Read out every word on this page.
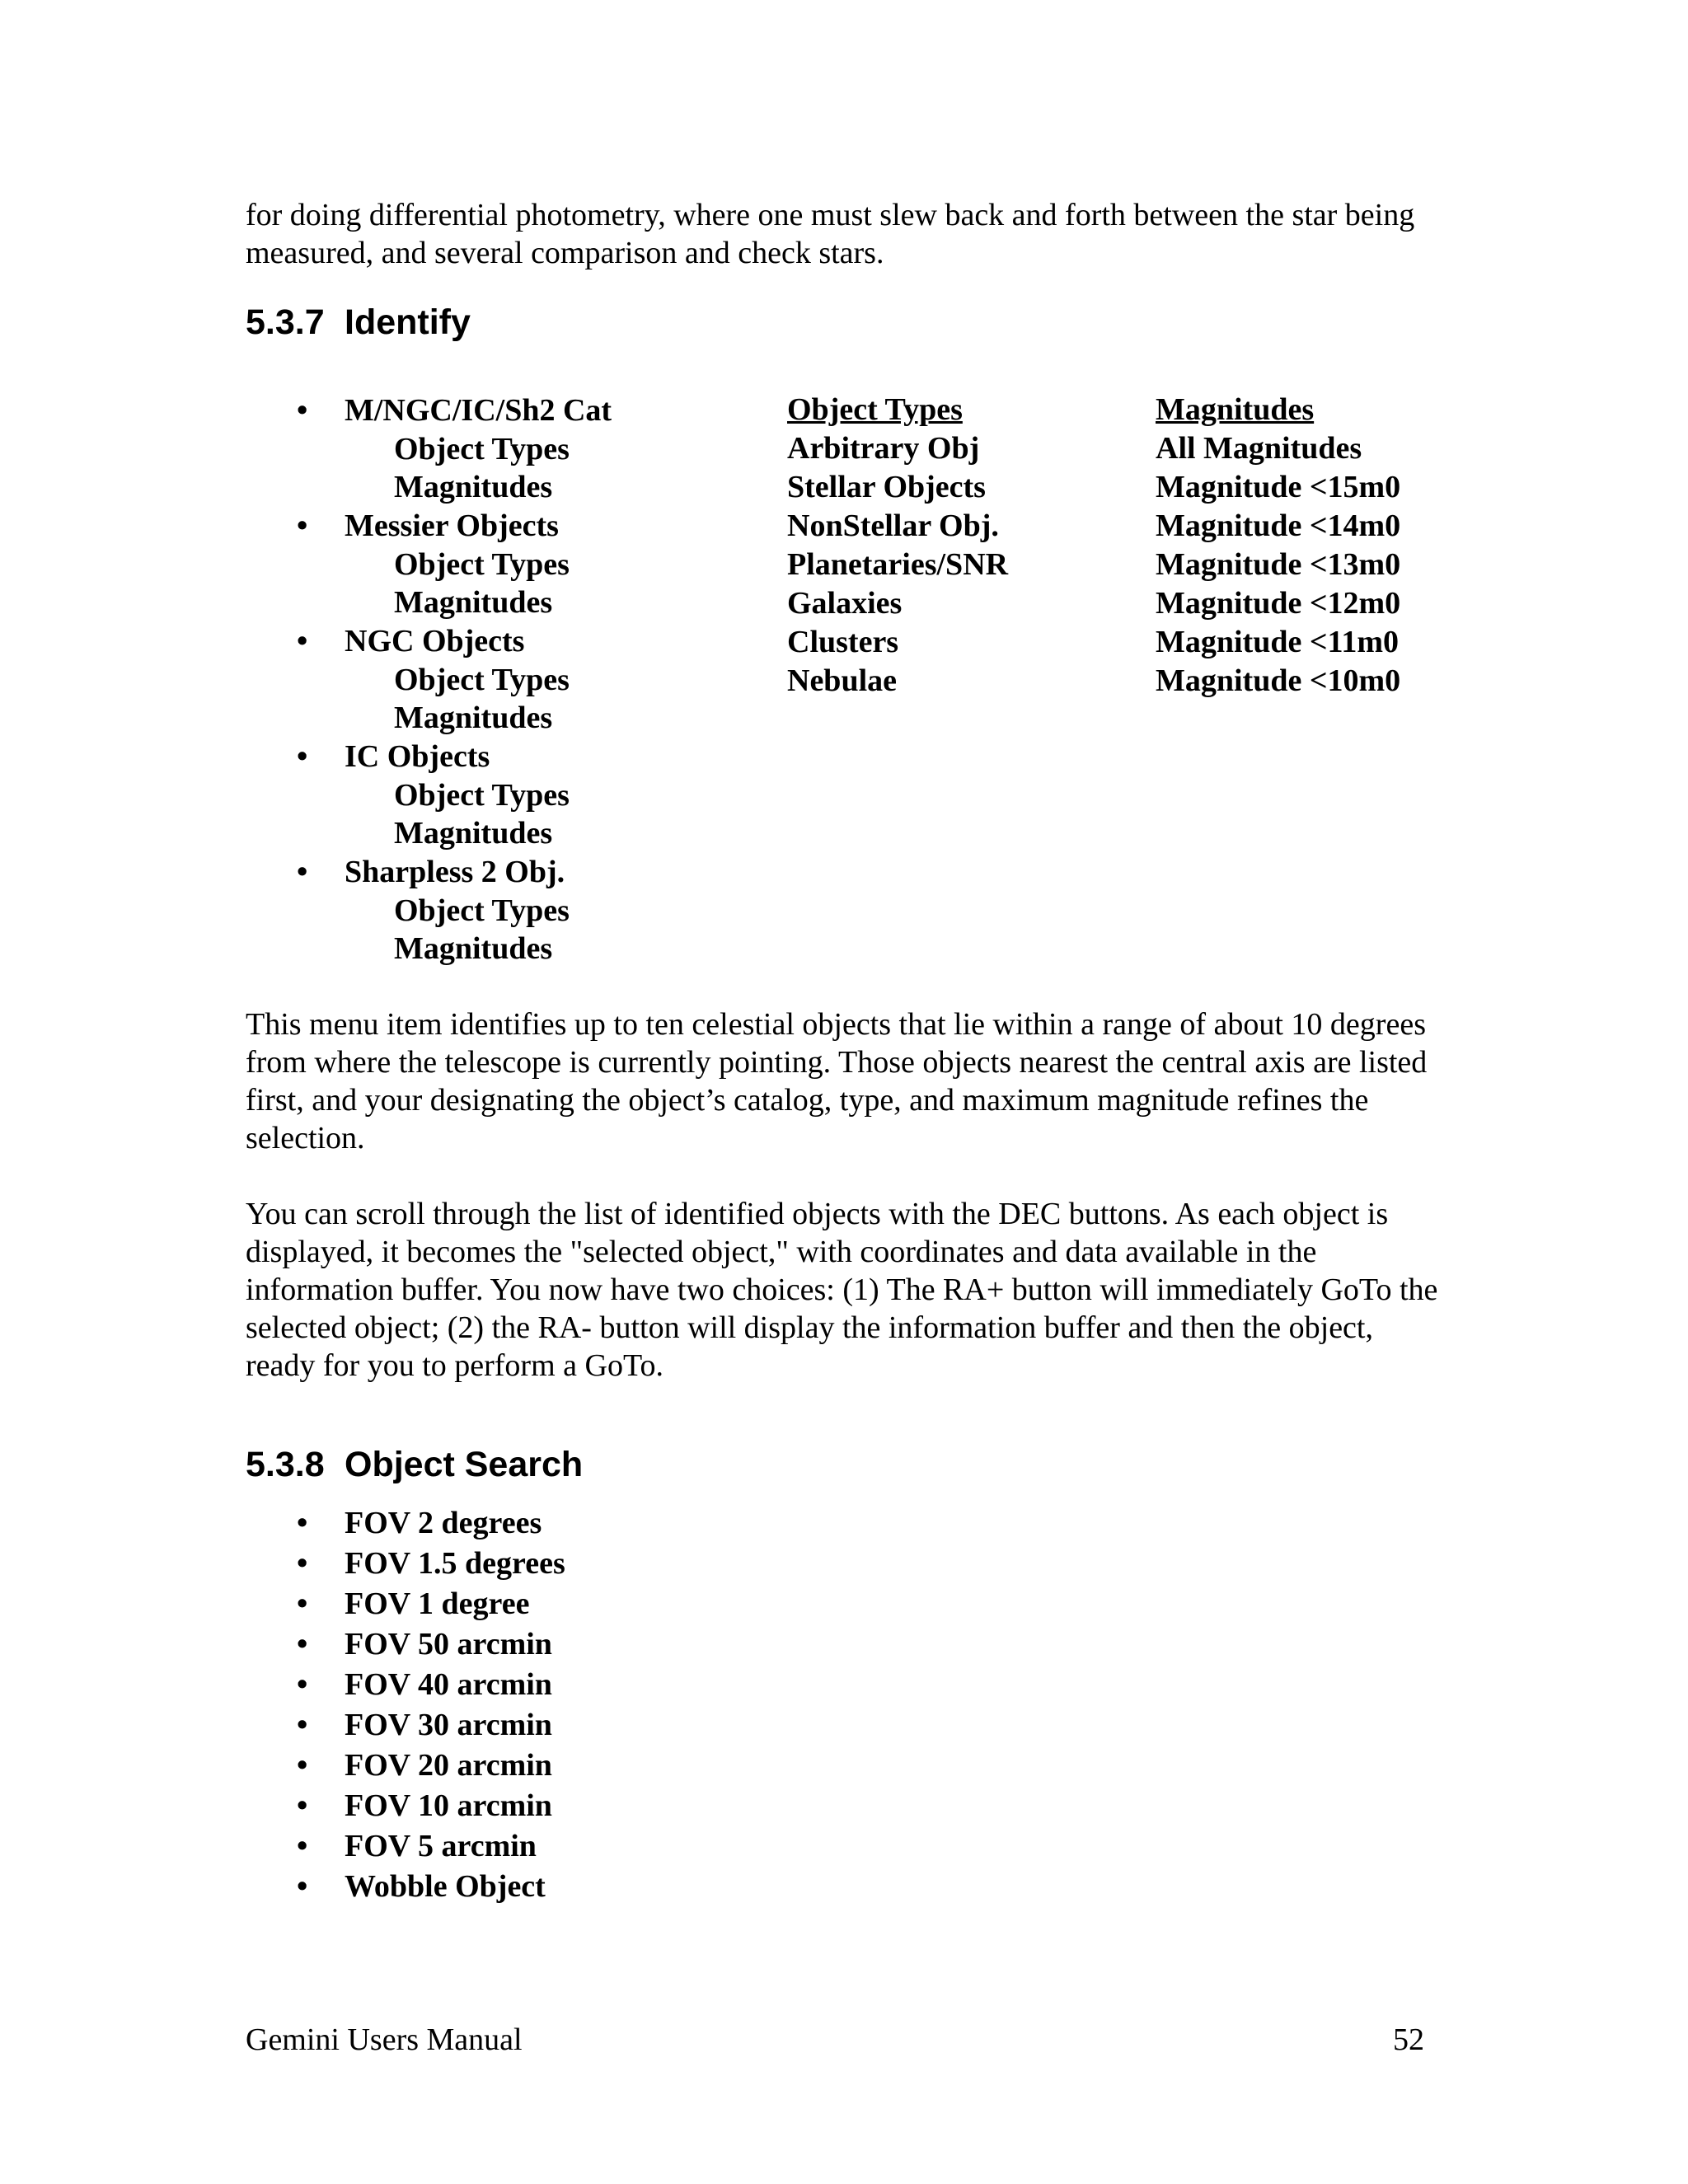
for doing differential photometry, where one must slew back and forth between the star being measured, and several comparison and check stars.

5.3.7 Identify
• M/NGC/IC/Sh2 Cat
Object Types
Magnitudes
• Messier Objects
Object Types
Magnitudes
• NGC Objects
Object Types
Magnitudes
• IC Objects
Object Types
Magnitudes
• Sharpless 2 Obj.
Object Types
Magnitudes
Object Types
Arbitrary Obj
Stellar Objects
NonStellar Obj.
Planetaries/SNR
Galaxies
Clusters
Nebulae
Magnitudes
All Magnitudes
Magnitude <15m0
Magnitude <14m0
Magnitude <13m0
Magnitude <12m0
Magnitude <11m0
Magnitude <10m0

This menu item identifies up to ten celestial objects that lie within a range of about 10 degrees from where the telescope is currently pointing. Those objects nearest the central axis are listed first, and your designating the object’s catalog, type, and maximum magnitude refines the selection.

You can scroll through the list of identified objects with the DEC buttons. As each object is displayed, it becomes the "selected object," with coordinates and data available in the information buffer. You now have two choices: (1) The RA+ button will immediately GoTo the selected object; (2) the RA- button will display the information buffer and then the object, ready for you to perform a GoTo.

5.3.8 Object Search
• FOV 2 degrees
• FOV 1.5 degrees
• FOV 1 degree
• FOV 50 arcmin
• FOV 40 arcmin
• FOV 30 arcmin
• FOV 20 arcmin
• FOV 10 arcmin
• FOV 5 arcmin
• Wobble Object

Gemini Users Manual	52
